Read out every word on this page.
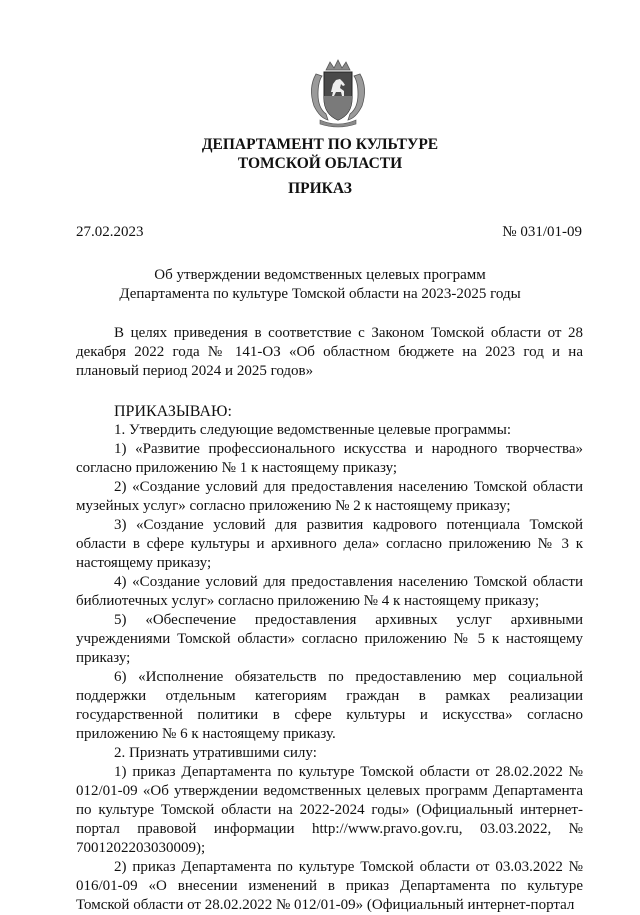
ДЕПАРТАМЕНТ ПО КУЛЬТУРЕ
ТОМСКОЙ ОБЛАСТИ
ПРИКАЗ
27.02.2023	№ 031/01-09
Об утверждении ведомственных целевых программ
Департамента по культуре Томской области на 2023-2025 годы

В целях приведения в соответствие с Законом Томской области от 28 декабря 2022 года № 141-ОЗ «Об областном бюджете на 2023 год и на плановый период 2024 и 2025 годов»

ПРИКАЗЫВАЮ:

1. Утвердить следующие ведомственные целевые программы:

1) «Развитие профессионального искусства и народного творчества» согласно приложению № 1 к настоящему приказу;

2) «Создание условий для предоставления населению Томской области музейных услуг» согласно приложению № 2 к настоящему приказу;

3) «Создание условий для развития кадрового потенциала Томской области в сфере культуры и архивного дела» согласно приложению № 3 к настоящему приказу;

4) «Создание условий для предоставления населению Томской области библиотечных услуг» согласно приложению № 4 к настоящему приказу;

5) «Обеспечение предоставления архивных услуг архивными учреждениями Томской области» согласно приложению № 5 к настоящему приказу;

6) «Исполнение обязательств по предоставлению мер социальной поддержки отдельным категориям граждан в рамках реализации государственной политики в сфере культуры и искусства» согласно приложению № 6 к настоящему приказу.

2. Признать утратившими силу:

1) приказ Департамента по культуре Томской области от 28.02.2022 № 012/01-09 «Об утверждении ведомственных целевых программ Департамента по культуре Томской области на 2022-2024 годы» (Официальный интернет-портал правовой информации http://www.pravo.gov.ru, 03.03.2022, № 7001202203030009);

2) приказ Департамента по культуре Томской области от 03.03.2022 № 016/01-09 «О внесении изменений в приказ Департамента по культуре Томской области от 28.02.2022 № 012/01-09» (Официальный интернет-портал
